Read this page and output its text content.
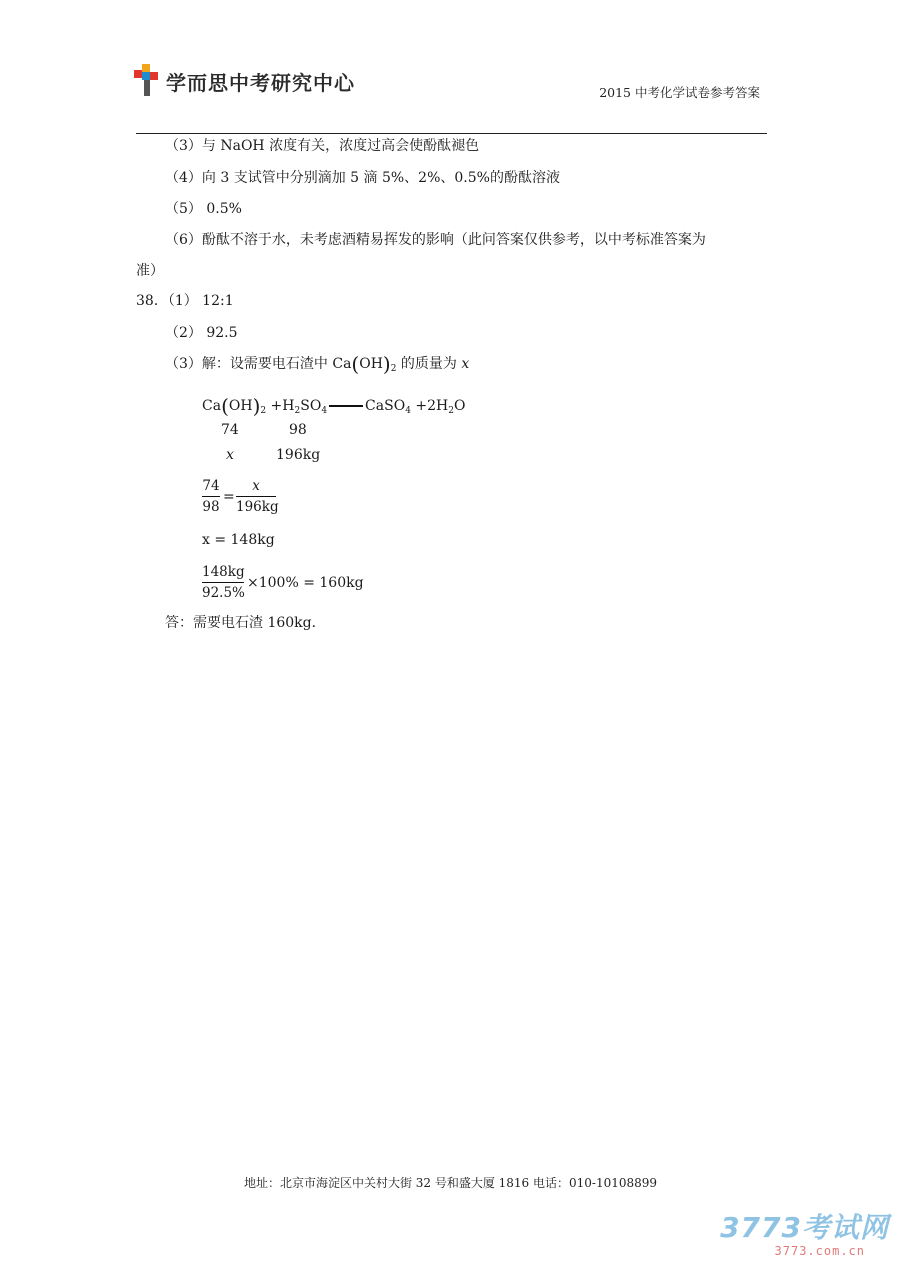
学而思中考研究中心	2015 中考化学试卷参考答案
（3）与 NaOH 浓度有关，浓度过高会使酚酞褪色
（4）向 3 支试管中分别滴加 5 滴 5%、2%、0.5%的酚酞溶液
（5） 0.5%
（6）酚酞不溶于水，未考虑酒精易挥发的影响（此问答案仅供参考，以中考标准答案为
准）
38．（1） 12:1
（2） 92.5
（3）解：设需要电石渣中 $Ca(OH)_2$ 的质量为 x
$Ca(OH)_2 +H_2SO_4$	CaSO$_4$ $+2H_2O$
74	98
x	196kg
74
98
=
x
196kg
x = 148kg
148kg
92.5%
×100% = 160kg
答：需要电石渣 160kg．
地址：北京市海淀区中关村大街 32 号和盛大厦 1816 电话：010-10108899
3773考试网
3773.com.cn
